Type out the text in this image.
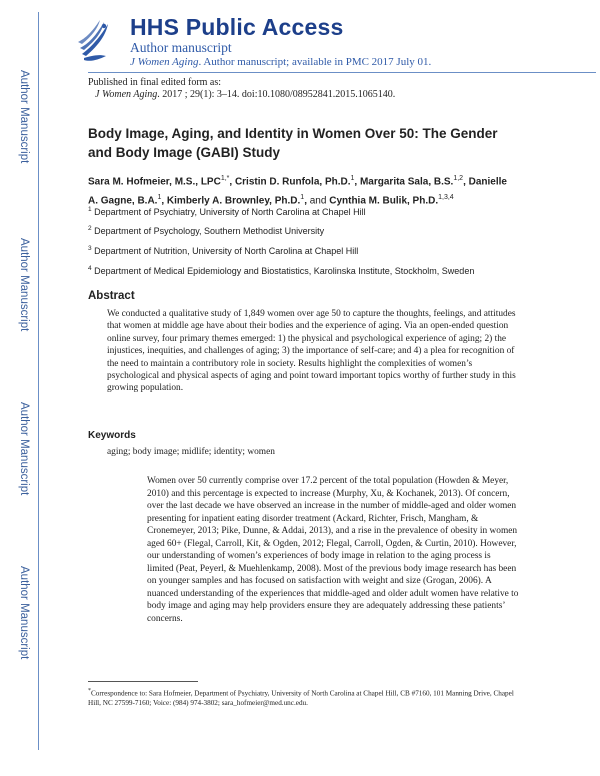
Author Manuscript
Author Manuscript
Author Manuscript
Author Manuscript
HHS Public Access
Author manuscript
J Women Aging. Author manuscript; available in PMC 2017 July 01.
Published in final edited form as:
J Women Aging. 2017 ; 29(1): 3–14. doi:10.1080/08952841.2015.1065140.
Body Image, Aging, and Identity in Women Over 50: The Gender and Body Image (GABI) Study
Sara M. Hofmeier, M.S., $LPC^{1,*}$, Cristin D. Runfola, Ph.D.$^1$, Margarita Sala, B.S.$^{1,2}$, Danielle A. Gagne, B.A.$^1$, Kimberly A. Brownley, Ph.D.$^1$, and Cynthia M. Bulik, Ph.D.$^{1,3,4}$
$^1$ Department of Psychiatry, University of North Carolina at Chapel Hill
$^2$ Department of Psychology, Southern Methodist University
$^3$ Department of Nutrition, University of North Carolina at Chapel Hill
$^4$ Department of Medical Epidemiology and Biostatistics, Karolinska Institute, Stockholm, Sweden
Abstract
We conducted a qualitative study of 1,849 women over age 50 to capture the thoughts, feelings, and attitudes that women at middle age have about their bodies and the experience of aging. Via an open-ended question online survey, four primary themes emerged: 1) the physical and psychological experience of aging; 2) the injustices, inequities, and challenges of aging; 3) the importance of self-care; and 4) a plea for recognition of the need to maintain a contributory role in society. Results highlight the complexities of women’s psychological and physical aspects of aging and point toward important topics worthy of further study in this growing population.
Keywords
aging; body image; midlife; identity; women
Women over 50 currently comprise over 17.2 percent of the total population (Howden & Meyer, 2010) and this percentage is expected to increase (Murphy, Xu, & Kochanek, 2013). Of concern, over the last decade we have observed an increase in the number of middle-aged and older women presenting for inpatient eating disorder treatment (Ackard, Richter, Frisch, Mangham, & Cronemeyer, 2013; Pike, Dunne, & Addai, 2013), and a rise in the prevalence of obesity in women aged 60+ (Flegal, Carroll, Kit, & Ogden, 2012; Flegal, Carroll, Ogden, & Curtin, 2010). However, our understanding of women’s experiences of body image in relation to the aging process is limited (Peat, Peyerl, & Muehlenkamp, 2008). Most of the previous body image research has been on younger samples and has focused on satisfaction with weight and size (Grogan, 2006). A nuanced understanding of the experiences that middle-aged and older adult women have relative to body image and aging may help providers ensure they are adequately addressing these patients’ concerns.
*Correspondence to: Sara Hofmeier, Department of Psychiatry, University of North Carolina at Chapel Hill, CB #7160, 101 Manning Drive, Chapel Hill, NC 27599-7160; Voice: (984) 974-3802; sara_hofmeier@med.unc.edu.
